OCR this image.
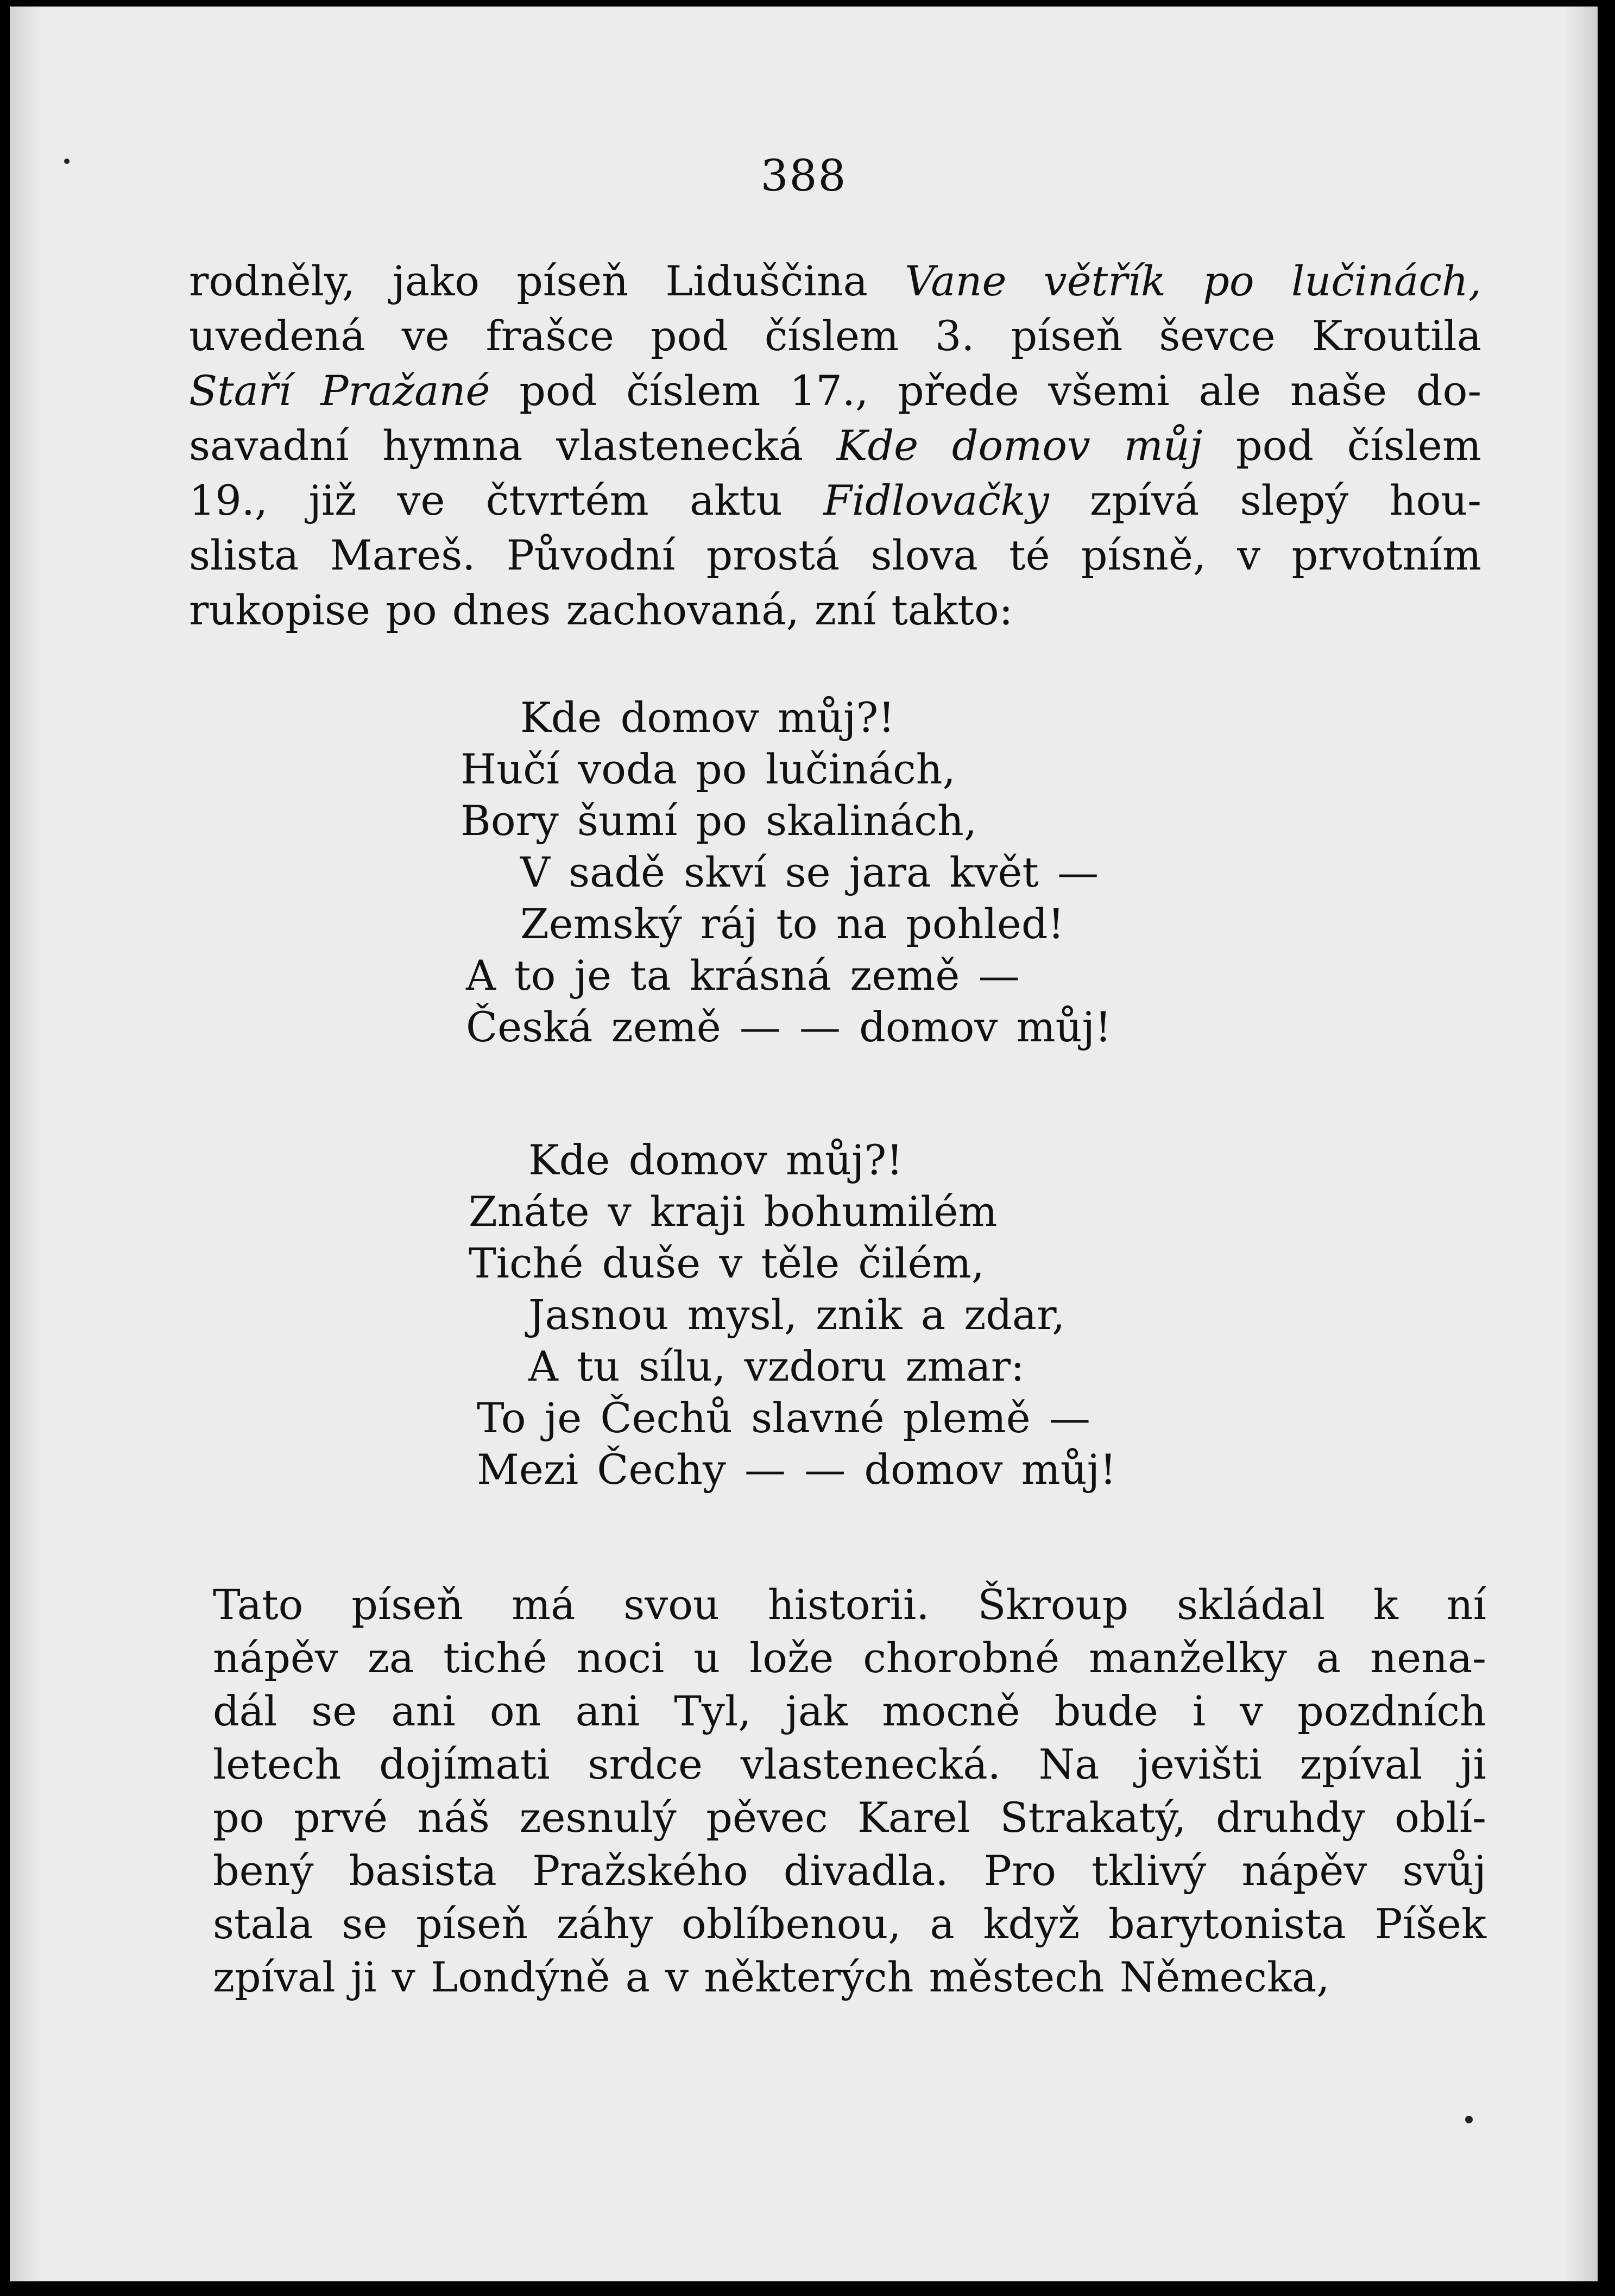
388
rodněly, jako píseň Liduščina Vane větřík po lučinách,
uvedená ve frašce pod číslem 3. píseň ševce Kroutila
Staří Pražané pod číslem 17., přede všemi ale naše do-
savadní hymna vlastenecká Kde domov můj pod číslem
19., již ve čtvrtém aktu Fidlovačky zpívá slepý hou-
slista Mareš. Původní prostá slova té písně, v prvotním
rukopise po dnes zachovaná, zní takto:
Kde domov můj?!
Hučí voda po lučinách,
Bory šumí po skalinách,
V sadě skví se jara květ —
Zemský ráj to na pohled!
A to je ta krásná země —
Česká země — — domov můj!
Kde domov můj?!
Znáte v kraji bohumilém
Tiché duše v těle čilém,
Jasnou mysl, znik a zdar,
A tu sílu, vzdoru zmar:
To je Čechů slavné plemě —
Mezi Čechy — — domov můj!
Tato píseň má svou historii. Škroup skládal k ní
nápěv za tiché noci u lože chorobné manželky a nena-
dál se ani on ani Tyl, jak mocně bude i v pozdních
letech dojímati srdce vlastenecká. Na jevišti zpíval ji
po prvé náš zesnulý pěvec Karel Strakatý, druhdy oblí-
bený basista Pražského divadla. Pro tklivý nápěv svůj
stala se píseň záhy oblíbenou, a když barytonista Píšek
zpíval ji v Londýně a v některých městech Německa,
